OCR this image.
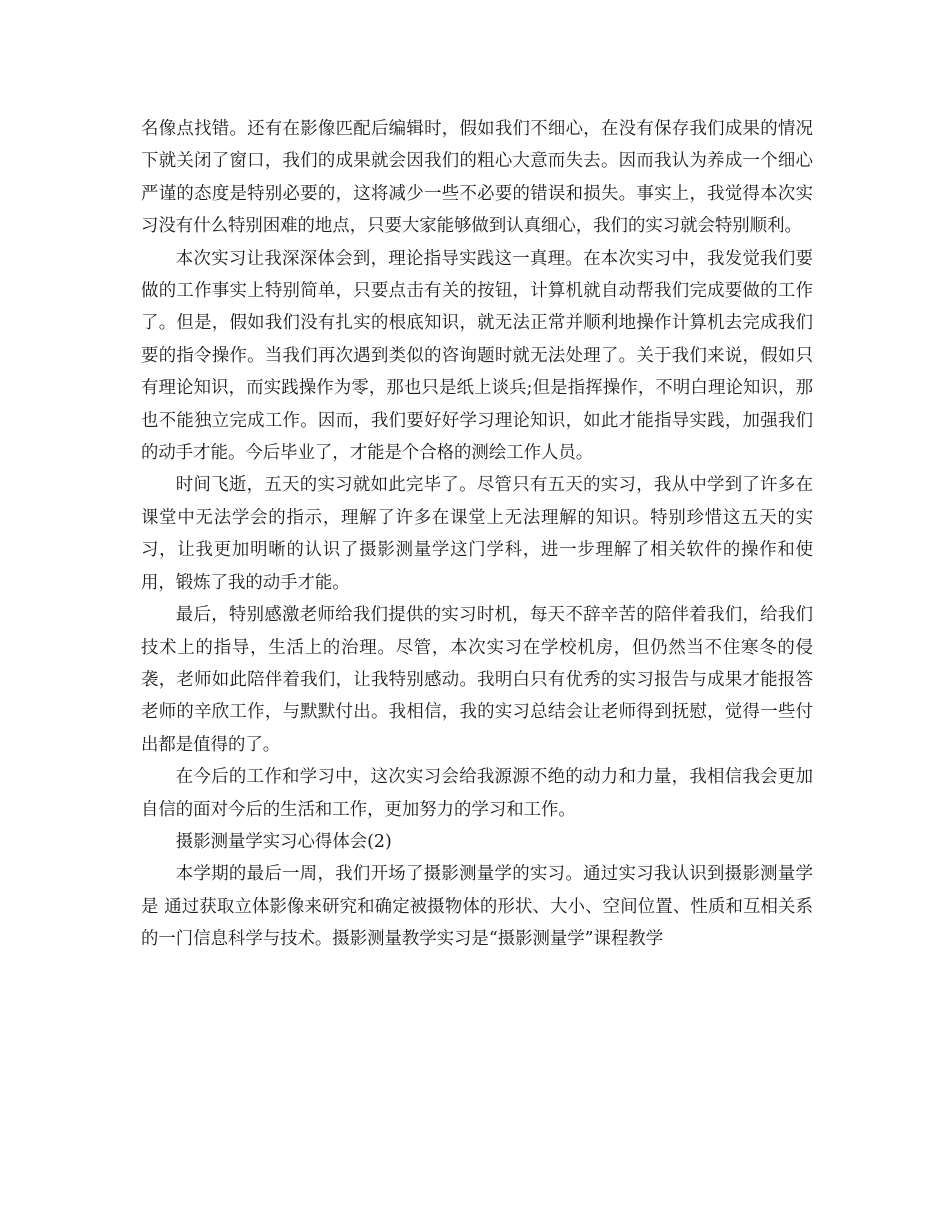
名像点找错。还有在影像匹配后编辑时，假如我们不细心，在没有保存我们成果的情况下就关闭了窗口，我们的成果就会因我们的粗心大意而失去。因而我认为养成一个细心严谨的态度是特别必要的，这将减少一些不必要的错误和损失。事实上，我觉得本次实习没有什么特别困难的地点，只要大家能够做到认真细心，我们的实习就会特别顺利。

本次实习让我深深体会到，理论指导实践这一真理。在本次实习中，我发觉我们要做的工作事实上特别简单，只要点击有关的按钮，计算机就自动帮我们完成要做的工作了。但是，假如我们没有扎实的根底知识，就无法正常并顺利地操作计算机去完成我们要的指令操作。当我们再次遇到类似的咨询题时就无法处理了。关于我们来说，假如只有理论知识，而实践操作为零，那也只是纸上谈兵;但是指挥操作，不明白理论知识，那也不能独立完成工作。因而，我们要好好学习理论知识，如此才能指导实践，加强我们的动手才能。今后毕业了，才能是个合格的测绘工作人员。

时间飞逝，五天的实习就如此完毕了。尽管只有五天的实习，我从中学到了许多在课堂中无法学会的指示，理解了许多在课堂上无法理解的知识。特别珍惜这五天的实习，让我更加明晰的认识了摄影测量学这门学科，进一步理解了相关软件的操作和使用，锻炼了我的动手才能。

最后，特别感激老师给我们提供的实习时机，每天不辞辛苦的陪伴着我们，给我们技术上的指导，生活上的治理。尽管，本次实习在学校机房，但仍然当不住寒冬的侵袭，老师如此陪伴着我们，让我特别感动。我明白只有优秀的实习报告与成果才能报答老师的辛欣工作，与默默付出。我相信，我的实习总结会让老师得到抚慰，觉得一些付出都是值得的了。

在今后的工作和学习中，这次实习会给我源源不绝的动力和力量，我相信我会更加自信的面对今后的生活和工作，更加努力的学习和工作。

摄影测量学实习心得体会(2)

本学期的最后一周，我们开场了摄影测量学的实习。通过实习我认识到摄影测量学是 通过获取立体影像来研究和确定被摄物体的形状、大小、空间位置、性质和互相关系的一门信息科学与技术。摄影测量教学实习是“摄影测量学”课程教学
